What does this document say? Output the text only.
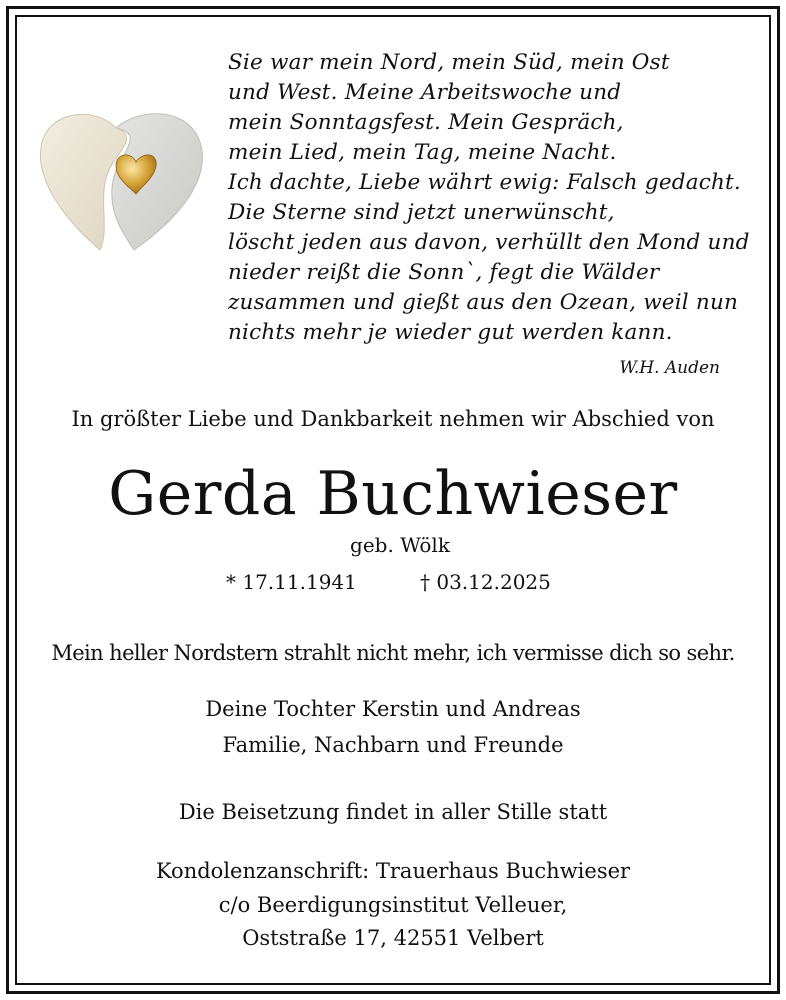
Sie war mein Nord, mein Süd, mein Ost
und West. Meine Arbeitswoche und
mein Sonntagsfest. Mein Gespräch,
mein Lied, mein Tag, meine Nacht.
Ich dachte, Liebe währt ewig: Falsch gedacht.
Die Sterne sind jetzt unerwünscht,
löscht jeden aus davon, verhüllt den Mond und
nieder reißt die Sonn`, fegt die Wälder
zusammen und gießt aus den Ozean, weil nun
nichts mehr je wieder gut werden kann.
W.H. Auden
In größter Liebe und Dankbarkeit nehmen wir Abschied von
Gerda Buchwieser
geb. Wölk
* 17.11.1941	† 03.12.2025
Mein heller Nordstern strahlt nicht mehr, ich vermisse dich so sehr.
Deine Tochter Kerstin und Andreas
Familie, Nachbarn und Freunde
Die Beisetzung findet in aller Stille statt
Kondolenzanschrift: Trauerhaus Buchwieser
c/o Beerdigungsinstitut Velleuer,
Oststraße 17, 42551 Velbert
